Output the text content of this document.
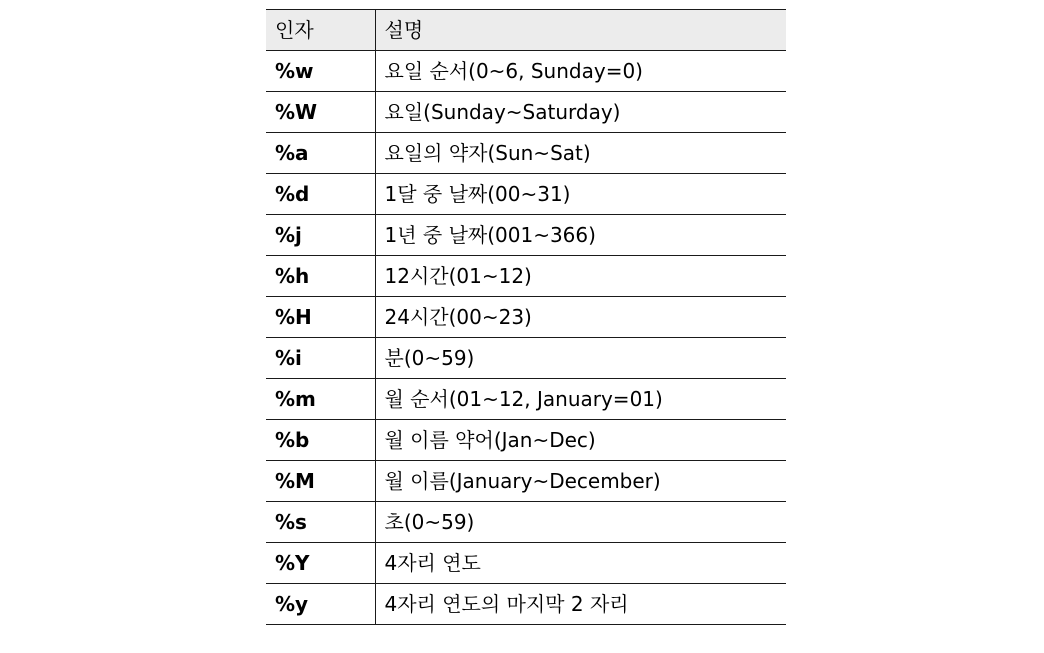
인자	설명
%w	요일 순서(0~6, Sunday=0)
%W	요일(Sunday~Saturday)
%a	요일의 약자(Sun~Sat)
%d	1달 중 날짜(00~31)
%j	1년 중 날짜(001~366)
%h	12시간(01~12)
%H	24시간(00~23)
%i	분(0~59)
%m	월 순서(01~12, January=01)
%b	월 이름 약어(Jan~Dec)
%M	월 이름(January~December)
%s	초(0~59)
%Y	4자리 연도
%y	4자리 연도의 마지막 2 자리
